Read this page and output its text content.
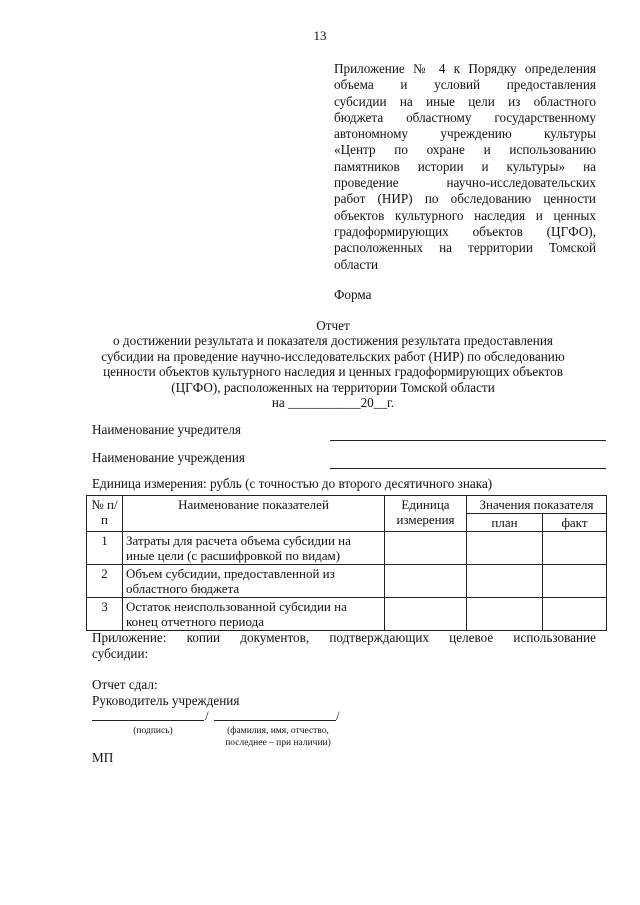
13
Приложение № 4 к Порядку определения
объема и условий предоставления
субсидии на иные цели из областного
бюджета областному государственному
автономному учреждению культуры
«Центр по охране и использованию
памятников истории и культуры» на
проведение научно-исследовательских
работ (НИР) по обследованию ценности
объектов культурного наследия и ценных
градоформирующих объектов (ЦГФО),
расположенных на территории Томской
области
Форма
Отчет
о достижении результата и показателя достижения результата предоставления
субсидии на проведение научно-исследовательских работ (НИР) по обследованию
ценности объектов культурного наследия и ценных градоформирующих объектов
(ЦГФО), расположенных на территории Томской области
на ___________20__г.
Наименование учредителя
Наименование учреждения
Единица измерения: рубль (с точностью до второго десятичного знака)
№ п/п	Наименование показателей	Единица измерения	Значения показателя	
			план	факт
1	Затраты для расчета объема субсидии на иные цели (с расшифровкой по видам)			
2	Объем субсидии, предоставленной из областного бюджета			
3	Остаток неиспользованной субсидии на конец отчетного периода			
Приложение: копии документов, подтверждающих целевое использование
субсидии:
Отчет сдал:
Руководитель учреждения
/	/
(подпись)	(фамилия, имя, отчество, последнее – при наличии)
МП
